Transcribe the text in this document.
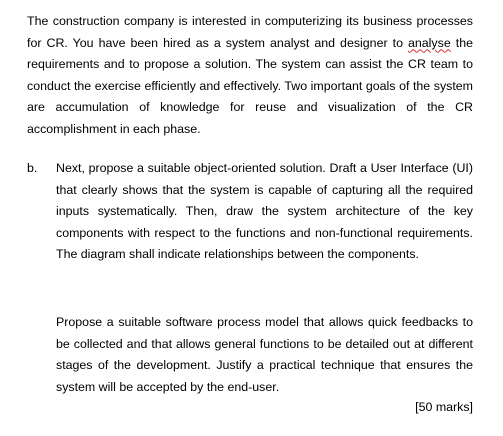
The construction company is interested in computerizing its business processes for CR. You have been hired as a system analyst and designer to analyse the requirements and to propose a solution. The system can assist the CR team to conduct the exercise efficiently and effectively. Two important goals of the system are accumulation of knowledge for reuse and visualization of the CR accomplishment in each phase.

b. Next, propose a suitable object-oriented solution. Draft a User Interface (UI) that clearly shows that the system is capable of capturing all the required inputs systematically. Then, draw the system architecture of the key components with respect to the functions and non-functional requirements. The diagram shall indicate relationships between the components.

Propose a suitable software process model that allows quick feedbacks to be collected and that allows general functions to be detailed out at different stages of the development. Justify a practical technique that ensures the system will be accepted by the end-user.

[50 marks]
